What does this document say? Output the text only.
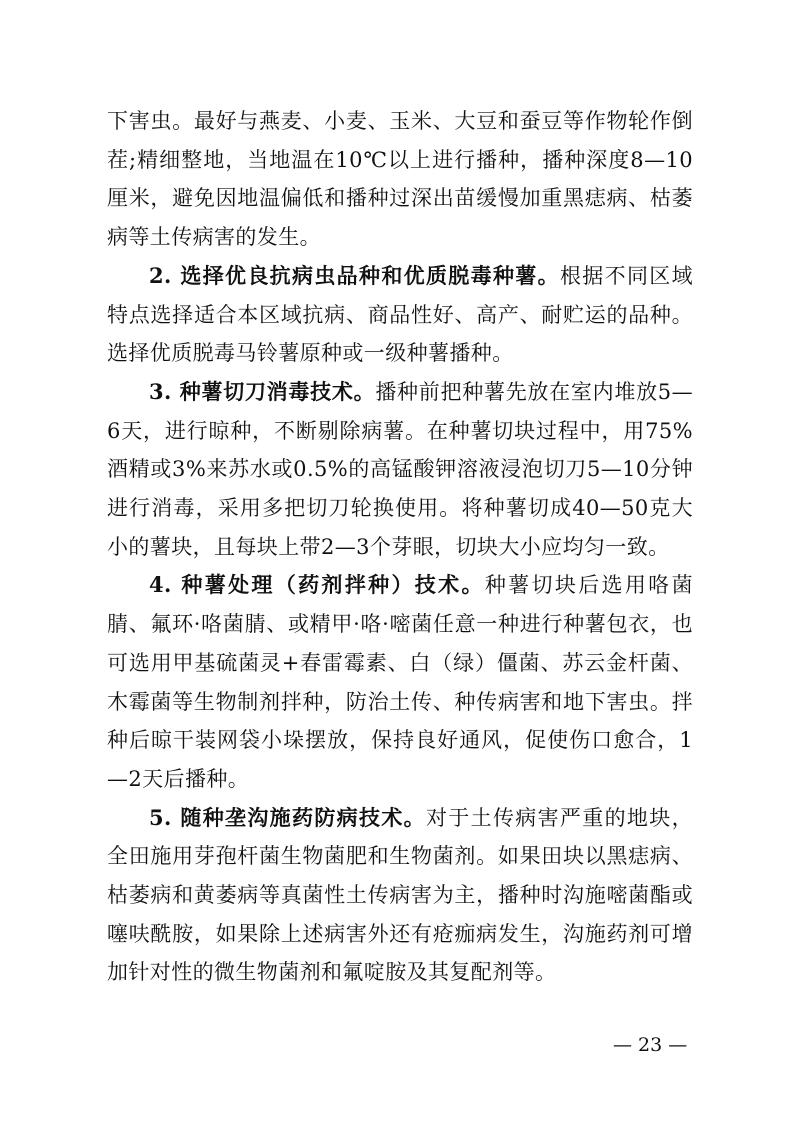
下害虫。最好与燕麦、小麦、玉米、大豆和蚕豆等作物轮作倒茬;精细整地，当地温在10℃以上进行播种，播种深度8—10厘米，避免因地温偏低和播种过深出苗缓慢加重黑痣病、枯萎病等土传病害的发生。

2. 选择优良抗病虫品种和优质脱毒种薯。根据不同区域特点选择适合本区域抗病、商品性好、高产、耐贮运的品种。选择优质脱毒马铃薯原种或一级种薯播种。

3. 种薯切刀消毒技术。播种前把种薯先放在室内堆放5—6天，进行晾种，不断剔除病薯。在种薯切块过程中，用75%酒精或3%来苏水或0.5%的高锰酸钾溶液浸泡切刀5—10分钟进行消毒，采用多把切刀轮换使用。将种薯切成40—50克大小的薯块，且每块上带2—3个芽眼，切块大小应均匀一致。

4. 种薯处理（药剂拌种）技术。种薯切块后选用咯菌腈、氟环·咯菌腈、或精甲·咯·嘧菌任意一种进行种薯包衣，也可选用甲基硫菌灵+春雷霉素、白（绿）僵菌、苏云金杆菌、木霉菌等生物制剂拌种，防治土传、种传病害和地下害虫。拌种后晾干装网袋小垛摆放，保持良好通风，促使伤口愈合，1—2天后播种。

5. 随种垄沟施药防病技术。对于土传病害严重的地块，全田施用芽孢杆菌生物菌肥和生物菌剂。如果田块以黑痣病、枯萎病和黄萎病等真菌性土传病害为主，播种时沟施嘧菌酯或噻呋酰胺，如果除上述病害外还有疮痂病发生，沟施药剂可增加针对性的微生物菌剂和氟啶胺及其复配剂等。

— 23 —
